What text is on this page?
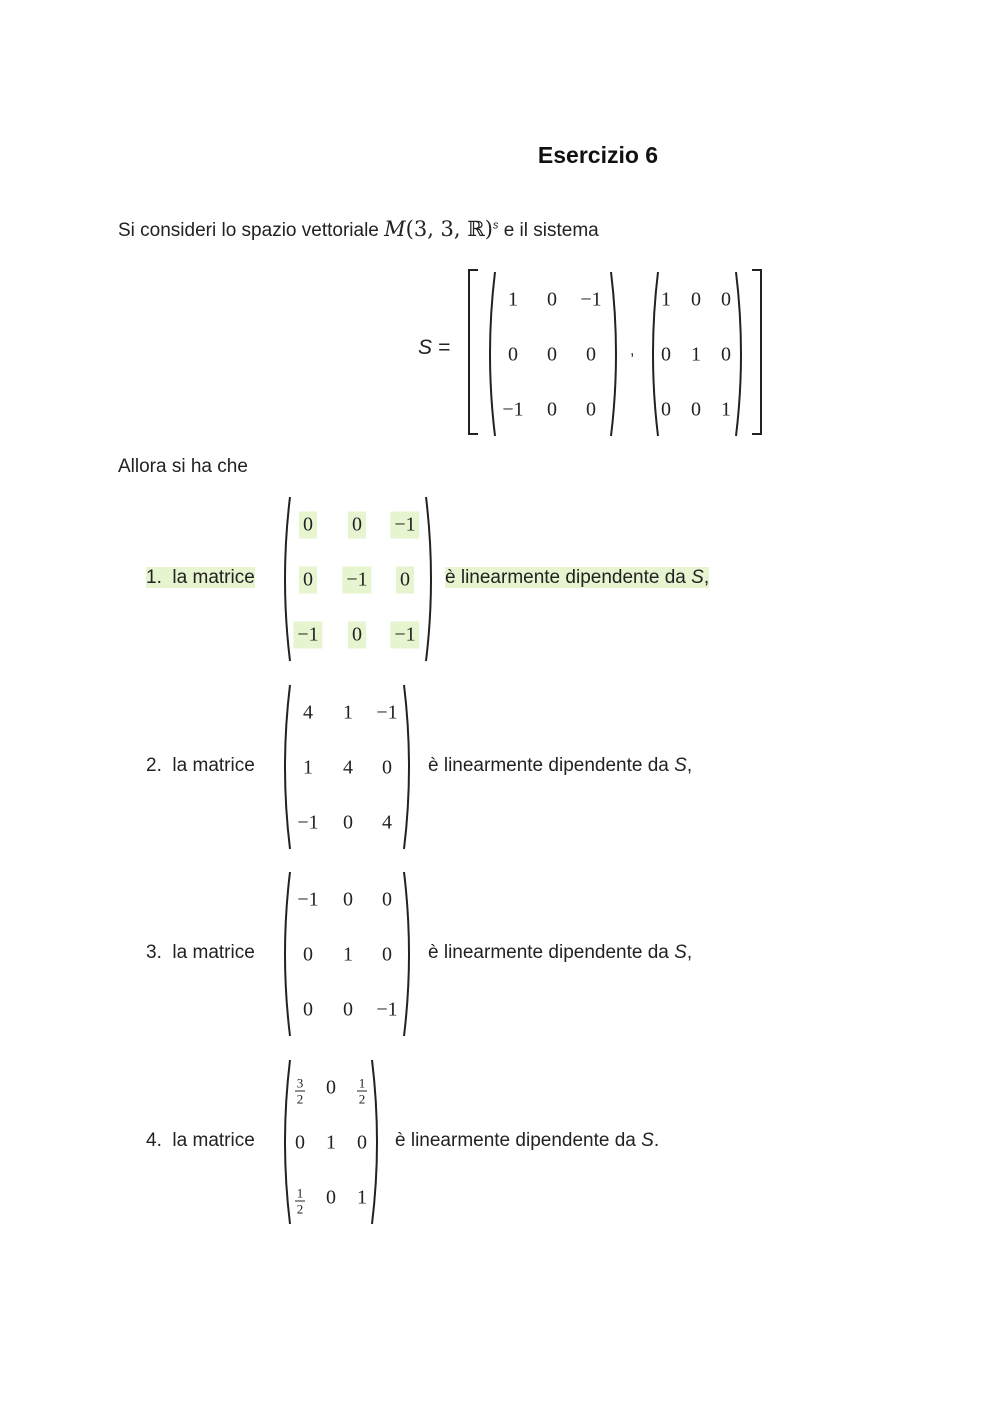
Esercizio 6
Si consideri lo spazio vettoriale M(3, 3, ℝ)$^s$ e il sistema
S =
1 0 −1
0 0 0
−1 0 0
,
1 0 0
0 1 0
0 0 1
Allora si ha che
1. la matrice
0 0 −1
0 −1 0
−1 0 −1
è linearmente dipendente da S,
2. la matrice
4 1 −1
1 4 0
−1 0 4
è linearmente dipendente da S,
3. la matrice
−1 0 0
0 1 0
0 0 −1
è linearmente dipendente da S,
4. la matrice
$\frac{3}{2} 0 \frac{1}{2}$
0 1 0
$\frac{1}{2} 0$ 1
è linearmente dipendente da S.
